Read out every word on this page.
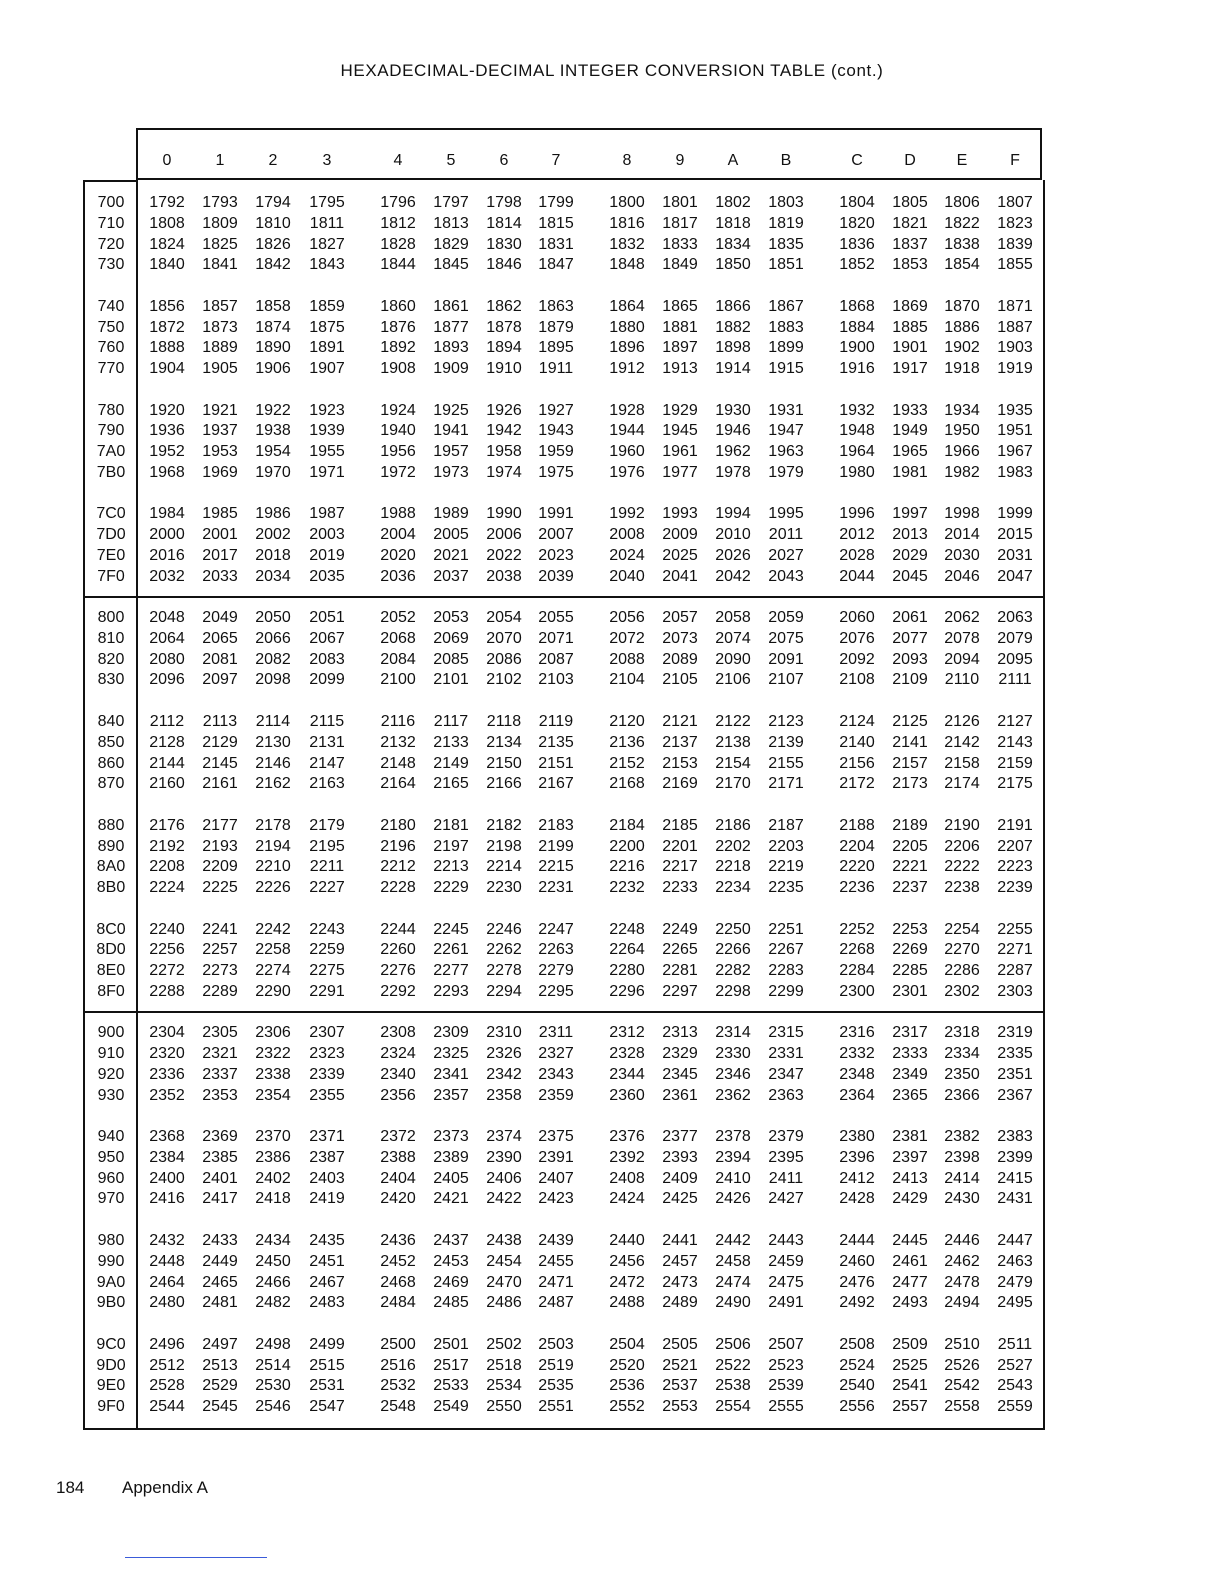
HEXADECIMAL-DECIMAL INTEGER CONVERSION TABLE (cont.)
0	1	2	3	4	5	6	7	8	9	A	B	C	D	E	F
700	1792	1793	1794	1795	1796	1797	1798	1799	1800	1801	1802	1803	1804	1805	1806	1807
710	1808	1809	1810	1811	1812	1813	1814	1815	1816	1817	1818	1819	1820	1821	1822	1823
720	1824	1825	1826	1827	1828	1829	1830	1831	1832	1833	1834	1835	1836	1837	1838	1839
730	1840	1841	1842	1843	1844	1845	1846	1847	1848	1849	1850	1851	1852	1853	1854	1855
740	1856	1857	1858	1859	1860	1861	1862	1863	1864	1865	1866	1867	1868	1869	1870	1871
750	1872	1873	1874	1875	1876	1877	1878	1879	1880	1881	1882	1883	1884	1885	1886	1887
760	1888	1889	1890	1891	1892	1893	1894	1895	1896	1897	1898	1899	1900	1901	1902	1903
770	1904	1905	1906	1907	1908	1909	1910	1911	1912	1913	1914	1915	1916	1917	1918	1919
780	1920	1921	1922	1923	1924	1925	1926	1927	1928	1929	1930	1931	1932	1933	1934	1935
790	1936	1937	1938	1939	1940	1941	1942	1943	1944	1945	1946	1947	1948	1949	1950	1951
7A0	1952	1953	1954	1955	1956	1957	1958	1959	1960	1961	1962	1963	1964	1965	1966	1967
7B0	1968	1969	1970	1971	1972	1973	1974	1975	1976	1977	1978	1979	1980	1981	1982	1983
7C0	1984	1985	1986	1987	1988	1989	1990	1991	1992	1993	1994	1995	1996	1997	1998	1999
7D0	2000	2001	2002	2003	2004	2005	2006	2007	2008	2009	2010	2011	2012	2013	2014	2015
7E0	2016	2017	2018	2019	2020	2021	2022	2023	2024	2025	2026	2027	2028	2029	2030	2031
7F0	2032	2033	2034	2035	2036	2037	2038	2039	2040	2041	2042	2043	2044	2045	2046	2047
800	2048	2049	2050	2051	2052	2053	2054	2055	2056	2057	2058	2059	2060	2061	2062	2063
810	2064	2065	2066	2067	2068	2069	2070	2071	2072	2073	2074	2075	2076	2077	2078	2079
820	2080	2081	2082	2083	2084	2085	2086	2087	2088	2089	2090	2091	2092	2093	2094	2095
830	2096	2097	2098	2099	2100	2101	2102	2103	2104	2105	2106	2107	2108	2109	2110	2111
840	2112	2113	2114	2115	2116	2117	2118	2119	2120	2121	2122	2123	2124	2125	2126	2127
850	2128	2129	2130	2131	2132	2133	2134	2135	2136	2137	2138	2139	2140	2141	2142	2143
860	2144	2145	2146	2147	2148	2149	2150	2151	2152	2153	2154	2155	2156	2157	2158	2159
870	2160	2161	2162	2163	2164	2165	2166	2167	2168	2169	2170	2171	2172	2173	2174	2175
880	2176	2177	2178	2179	2180	2181	2182	2183	2184	2185	2186	2187	2188	2189	2190	2191
890	2192	2193	2194	2195	2196	2197	2198	2199	2200	2201	2202	2203	2204	2205	2206	2207
8A0	2208	2209	2210	2211	2212	2213	2214	2215	2216	2217	2218	2219	2220	2221	2222	2223
8B0	2224	2225	2226	2227	2228	2229	2230	2231	2232	2233	2234	2235	2236	2237	2238	2239
8C0	2240	2241	2242	2243	2244	2245	2246	2247	2248	2249	2250	2251	2252	2253	2254	2255
8D0	2256	2257	2258	2259	2260	2261	2262	2263	2264	2265	2266	2267	2268	2269	2270	2271
8E0	2272	2273	2274	2275	2276	2277	2278	2279	2280	2281	2282	2283	2284	2285	2286	2287
8F0	2288	2289	2290	2291	2292	2293	2294	2295	2296	2297	2298	2299	2300	2301	2302	2303
900	2304	2305	2306	2307	2308	2309	2310	2311	2312	2313	2314	2315	2316	2317	2318	2319
910	2320	2321	2322	2323	2324	2325	2326	2327	2328	2329	2330	2331	2332	2333	2334	2335
920	2336	2337	2338	2339	2340	2341	2342	2343	2344	2345	2346	2347	2348	2349	2350	2351
930	2352	2353	2354	2355	2356	2357	2358	2359	2360	2361	2362	2363	2364	2365	2366	2367
940	2368	2369	2370	2371	2372	2373	2374	2375	2376	2377	2378	2379	2380	2381	2382	2383
950	2384	2385	2386	2387	2388	2389	2390	2391	2392	2393	2394	2395	2396	2397	2398	2399
960	2400	2401	2402	2403	2404	2405	2406	2407	2408	2409	2410	2411	2412	2413	2414	2415
970	2416	2417	2418	2419	2420	2421	2422	2423	2424	2425	2426	2427	2428	2429	2430	2431
980	2432	2433	2434	2435	2436	2437	2438	2439	2440	2441	2442	2443	2444	2445	2446	2447
990	2448	2449	2450	2451	2452	2453	2454	2455	2456	2457	2458	2459	2460	2461	2462	2463
9A0	2464	2465	2466	2467	2468	2469	2470	2471	2472	2473	2474	2475	2476	2477	2478	2479
9B0	2480	2481	2482	2483	2484	2485	2486	2487	2488	2489	2490	2491	2492	2493	2494	2495
9C0	2496	2497	2498	2499	2500	2501	2502	2503	2504	2505	2506	2507	2508	2509	2510	2511
9D0	2512	2513	2514	2515	2516	2517	2518	2519	2520	2521	2522	2523	2524	2525	2526	2527
9E0	2528	2529	2530	2531	2532	2533	2534	2535	2536	2537	2538	2539	2540	2541	2542	2543
9F0	2544	2545	2546	2547	2548	2549	2550	2551	2552	2553	2554	2555	2556	2557	2558	2559
184 Appendix A
